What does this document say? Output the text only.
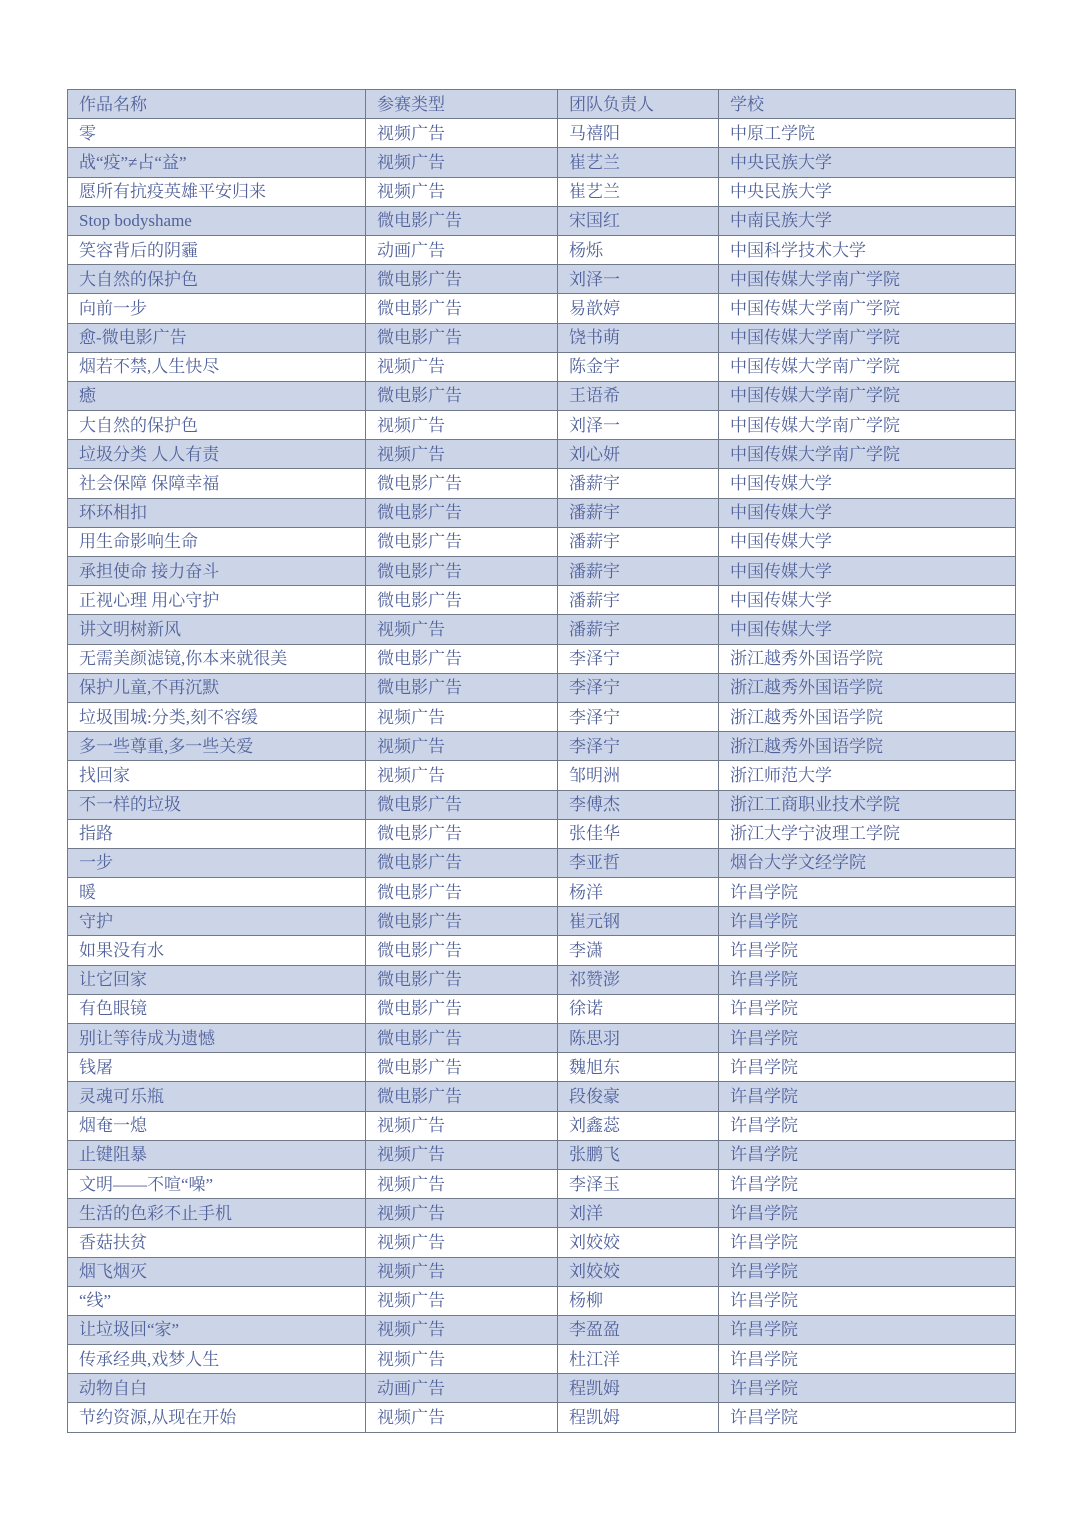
作品名称	参赛类型	团队负责人	学校
零	视频广告	马禧阳	中原工学院
战“疫”≠占“益”	视频广告	崔艺兰	中央民族大学
愿所有抗疫英雄平安归来	视频广告	崔艺兰	中央民族大学
Stop bodyshame	微电影广告	宋国红	中南民族大学
笑容背后的阴霾	动画广告	杨烁	中国科学技术大学
大自然的保护色	微电影广告	刘泽一	中国传媒大学南广学院
向前一步	微电影广告	易歆婷	中国传媒大学南广学院
愈-微电影广告	微电影广告	饶书萌	中国传媒大学南广学院
烟若不禁,人生快尽	视频广告	陈金宇	中国传媒大学南广学院
癒	微电影广告	王语希	中国传媒大学南广学院
大自然的保护色	视频广告	刘泽一	中国传媒大学南广学院
垃圾分类 人人有责	视频广告	刘心妍	中国传媒大学南广学院
社会保障 保障幸福	微电影广告	潘薪宇	中国传媒大学
环环相扣	微电影广告	潘薪宇	中国传媒大学
用生命影响生命	微电影广告	潘薪宇	中国传媒大学
承担使命 接力奋斗	微电影广告	潘薪宇	中国传媒大学
正视心理 用心守护	微电影广告	潘薪宇	中国传媒大学
讲文明树新风	视频广告	潘薪宇	中国传媒大学
无需美颜滤镜,你本来就很美	微电影广告	李泽宁	浙江越秀外国语学院
保护儿童,不再沉默	微电影广告	李泽宁	浙江越秀外国语学院
垃圾围城:分类,刻不容缓	视频广告	李泽宁	浙江越秀外国语学院
多一些尊重,多一些关爱	视频广告	李泽宁	浙江越秀外国语学院
找回家	视频广告	邹明洲	浙江师范大学
不一样的垃圾	微电影广告	李傅杰	浙江工商职业技术学院
指路	微电影广告	张佳华	浙江大学宁波理工学院
一步	微电影广告	李亚哲	烟台大学文经学院
暖	微电影广告	杨洋	许昌学院
守护	微电影广告	崔元钢	许昌学院
如果没有水	微电影广告	李潇	许昌学院
让它回家	微电影广告	祁赞澎	许昌学院
有色眼镜	微电影广告	徐诺	许昌学院
别让等待成为遗憾	微电影广告	陈思羽	许昌学院
钱屠	微电影广告	魏旭东	许昌学院
灵魂可乐瓶	微电影广告	段俊豪	许昌学院
烟奄一熄	视频广告	刘鑫蕊	许昌学院
止键阻暴	视频广告	张鹏飞	许昌学院
文明——不喧“噪”	视频广告	李泽玉	许昌学院
生活的色彩不止手机	视频广告	刘洋	许昌学院
香菇扶贫	视频广告	刘姣姣	许昌学院
烟飞烟灭	视频广告	刘姣姣	许昌学院
“线”	视频广告	杨柳	许昌学院
让垃圾回“家”	视频广告	李盈盈	许昌学院
传承经典,戏梦人生	视频广告	杜江洋	许昌学院
动物自白	动画广告	程凯姆	许昌学院
节约资源,从现在开始	视频广告	程凯姆	许昌学院
